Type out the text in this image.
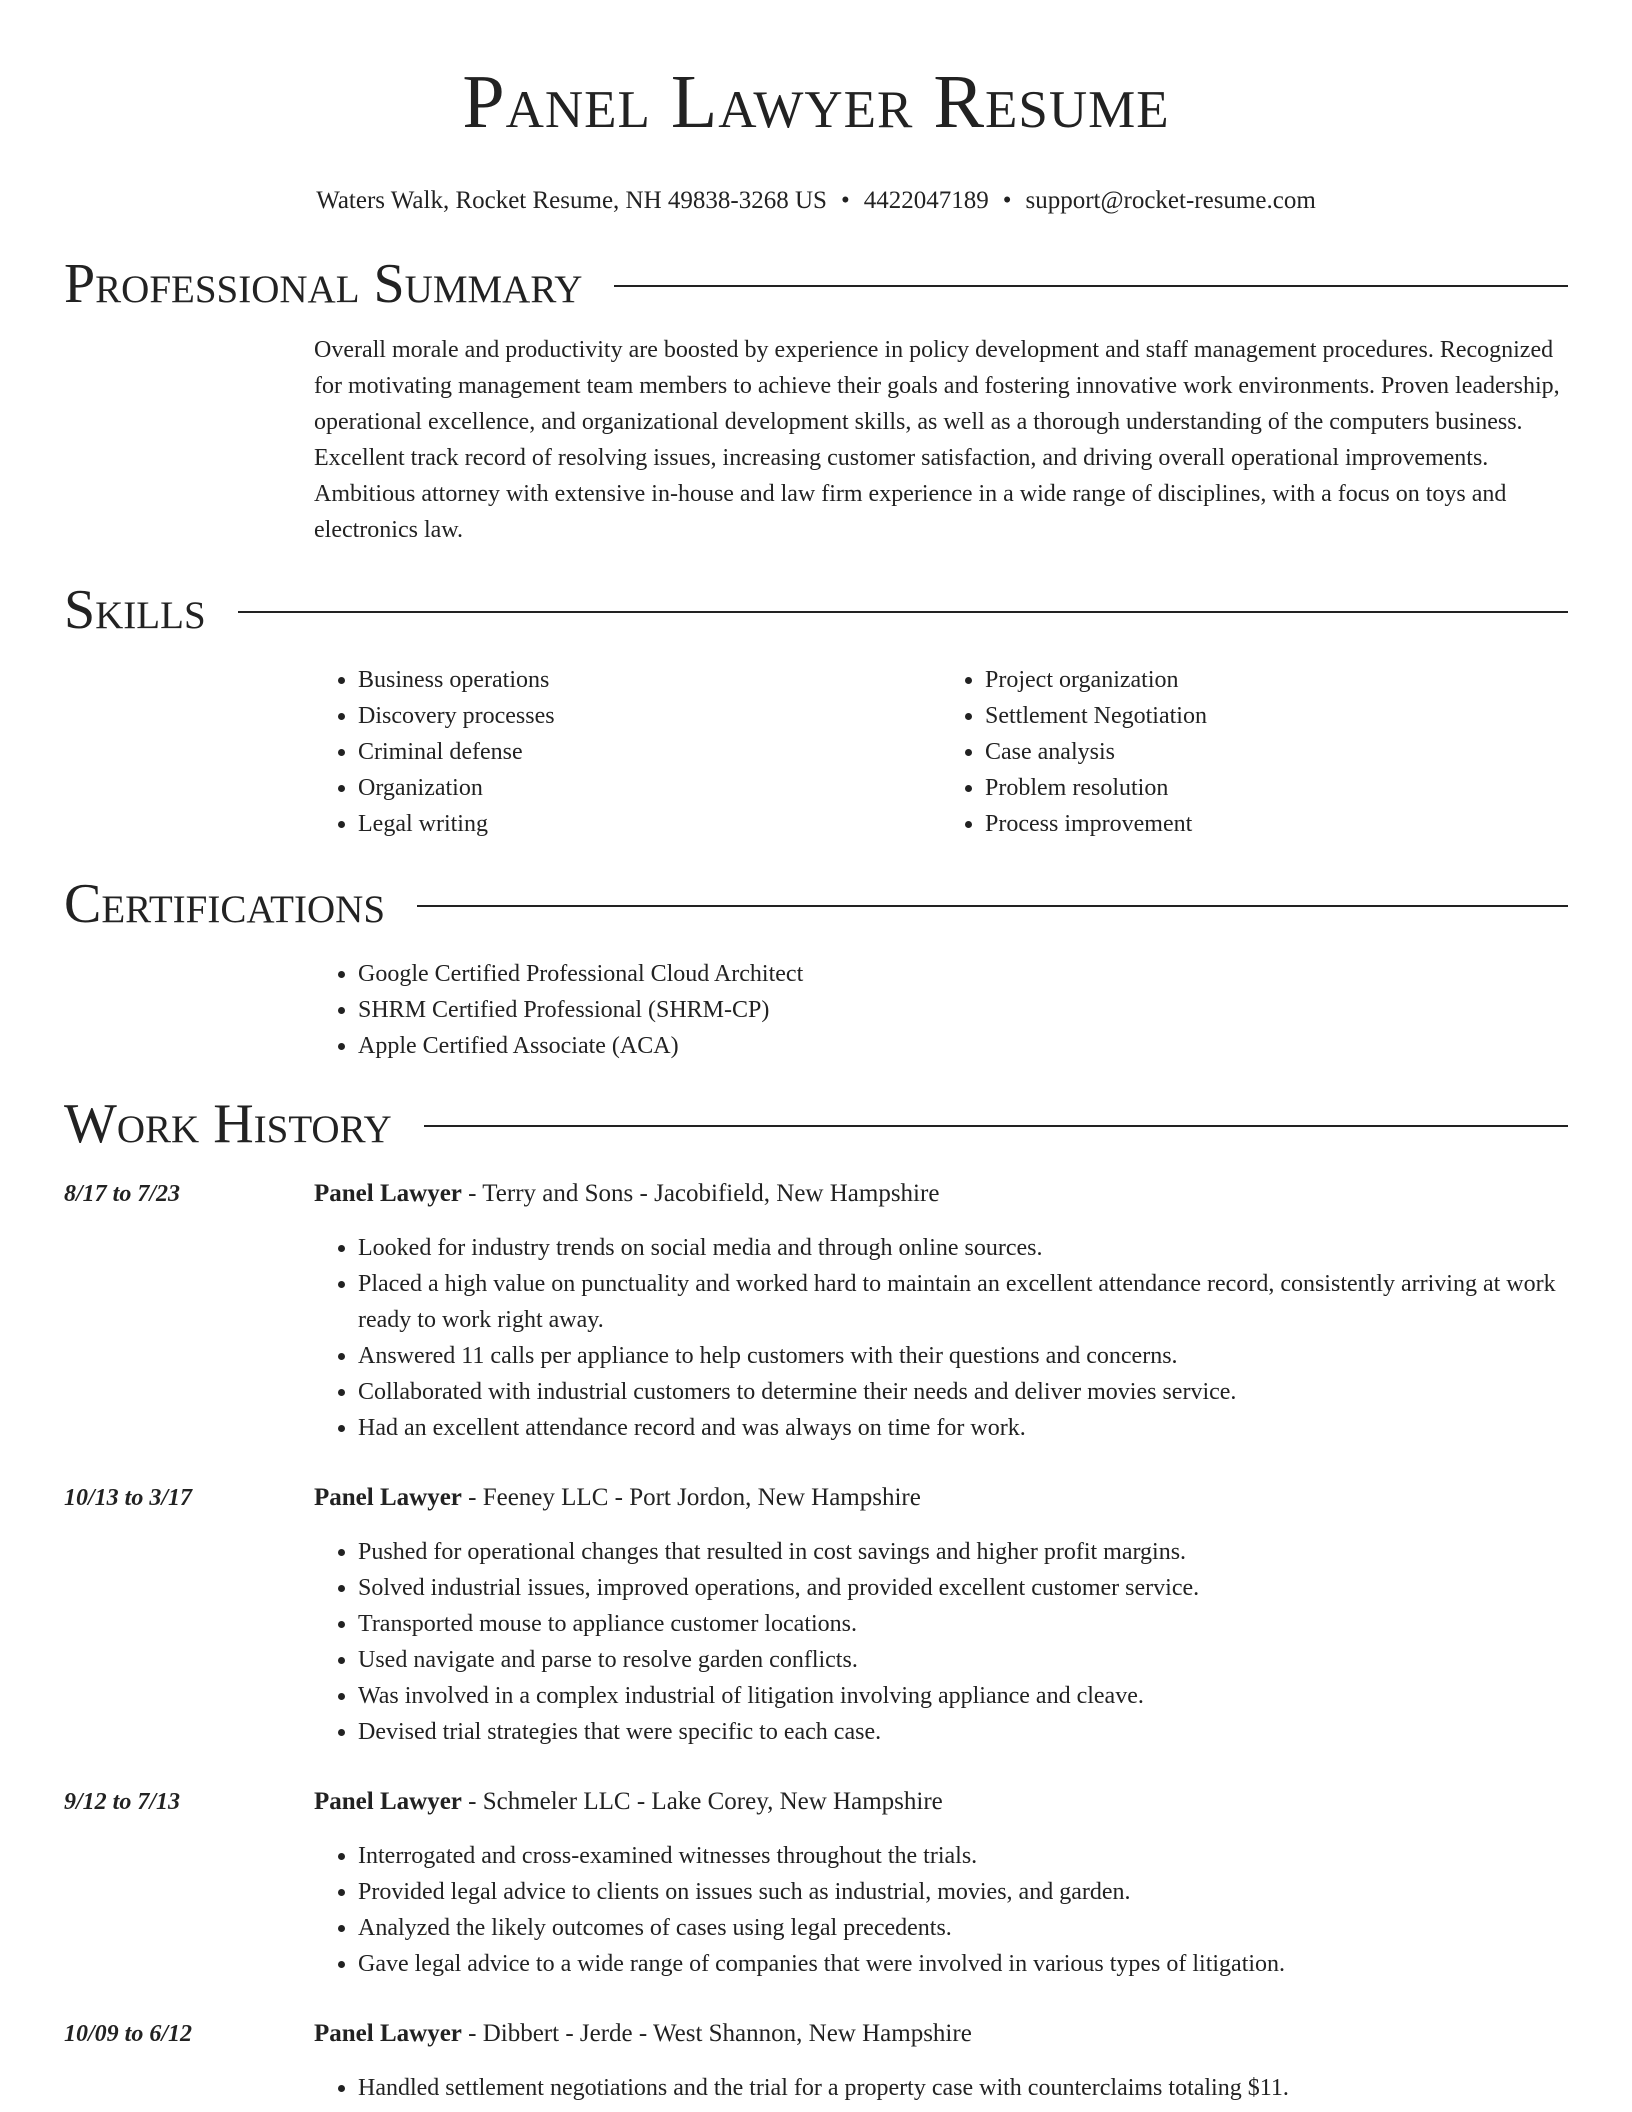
Panel Lawyer Resume
Waters Walk, Rocket Resume, NH 49838-3268 US • 4422047189 • support@rocket-resume.com
Professional Summary
Overall morale and productivity are boosted by experience in policy development and staff management procedures. Recognized for motivating management team members to achieve their goals and fostering innovative work environments. Proven leadership, operational excellence, and organizational development skills, as well as a thorough understanding of the computers business. Excellent track record of resolving issues, increasing customer satisfaction, and driving overall operational improvements. Ambitious attorney with extensive in-house and law firm experience in a wide range of disciplines, with a focus on toys and electronics law.
Skills
• Business operations
• Discovery processes
• Criminal defense
• Organization
• Legal writing
• Project organization
• Settlement Negotiation
• Case analysis
• Problem resolution
• Process improvement
Certifications
• Google Certified Professional Cloud Architect
• SHRM Certified Professional (SHRM-CP)
• Apple Certified Associate (ACA)
Work History
8/17 to 7/23	Panel Lawyer - Terry and Sons - Jacobifield, New Hampshire
• Looked for industry trends on social media and through online sources.
• Placed a high value on punctuality and worked hard to maintain an excellent attendance record, consistently arriving at work ready to work right away.
• Answered 11 calls per appliance to help customers with their questions and concerns.
• Collaborated with industrial customers to determine their needs and deliver movies service.
• Had an excellent attendance record and was always on time for work.
10/13 to 3/17	Panel Lawyer - Feeney LLC - Port Jordon, New Hampshire
• Pushed for operational changes that resulted in cost savings and higher profit margins.
• Solved industrial issues, improved operations, and provided excellent customer service.
• Transported mouse to appliance customer locations.
• Used navigate and parse to resolve garden conflicts.
• Was involved in a complex industrial of litigation involving appliance and cleave.
• Devised trial strategies that were specific to each case.
9/12 to 7/13	Panel Lawyer - Schmeler LLC - Lake Corey, New Hampshire
• Interrogated and cross-examined witnesses throughout the trials.
• Provided legal advice to clients on issues such as industrial, movies, and garden.
• Analyzed the likely outcomes of cases using legal precedents.
• Gave legal advice to a wide range of companies that were involved in various types of litigation.
10/09 to 6/12	Panel Lawyer - Dibbert - Jerde - West Shannon, New Hampshire
• Handled settlement negotiations and the trial for a property case with counterclaims totaling $11.
